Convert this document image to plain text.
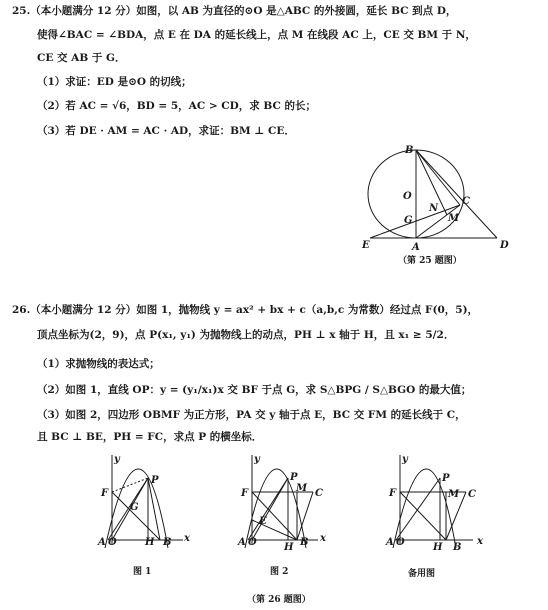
25.（本小题满分 12 分）如图，以 AB 为直径的⊙O 是△ABC 的外接圆，延长 BC 到点 D，
使得∠BAC = ∠BDA，点 E 在 DA 的延长线上，点 M 在线段 AC 上，CE 交 BM 于 N，
CE 交 AB 于 G．
（1）求证：ED 是⊙O 的切线；
（2）若 AC = √6，BD = 5，AC > CD，求 BC 的长；
（3）若 DE · AM = AC · AD，求证：BM ⊥ CE．
B
O
N
C
G	M
E	A	D
（第 25 题图）
26.（本小题满分 12 分）如图 1，抛物线 y = ax² + bx + c（a,b,c 为常数）经过点 F(0，5)，
顶点坐标为(2，9)，点 P(x₁, y₁) 为抛物线上的动点，PH ⊥ x 轴于 H，且 x₁ ≥ 5/2．
（1）求抛物线的表达式；
（2）如图 1，直线 OP：y = (y₁/x₁)x 交 BF 于点 G，求 S△BPG / S△BGO 的最大值；
（3）如图 2，四边形 OBMF 为正方形，PA 交 y 轴于点 E，BC 交 FM 的延长线于 C，
且 BC ⊥ BE，PH = FC，求点 P 的横坐标．
y
P
F
G
A O	H B x
图 1
y
P
M C
F
E
A O	H B x
图 2
y
P
M C
F
A O	H B
x
备用图
（第 26 题图）
